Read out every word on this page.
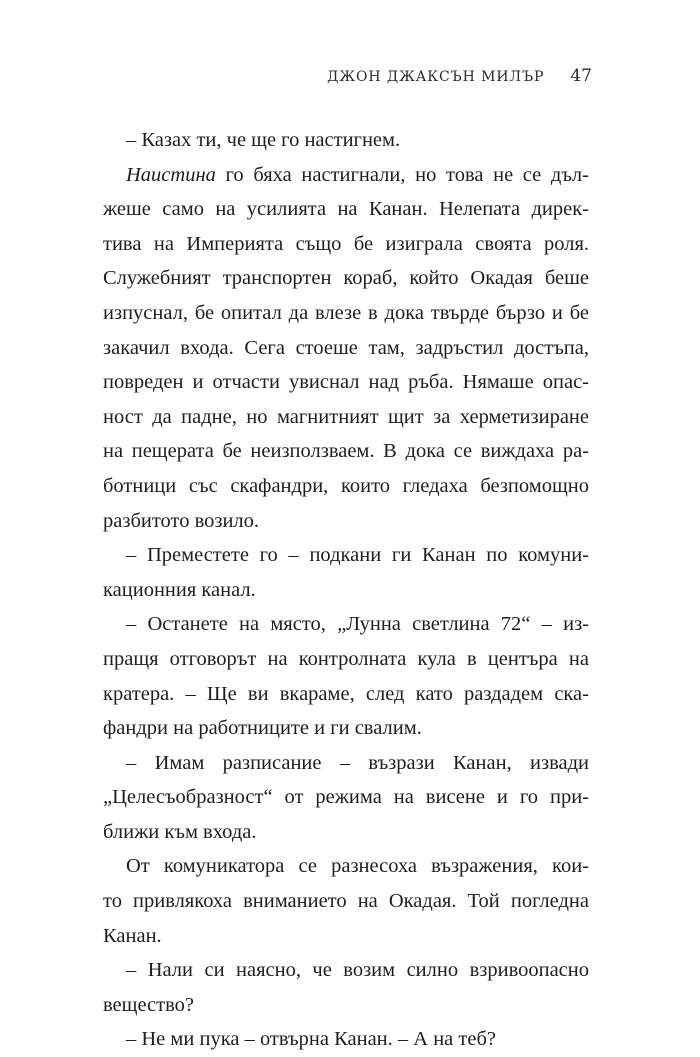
ДЖОН ДЖАКСЪН МИЛЪР 47
– Казах ти, че ще го настигнем.
Наистина го бяха настигнали, но това не се дъл-
жеше само на усилията на Канан. Нелепата дирек-
тива на Империята също бе изиграла своята роля.
Служебният транспортен кораб, който Окадая беше
изпуснал, бе опитал да влезе в дока твърде бързо и бе
закачил входа. Сега стоеше там, задръстил достъпа,
повреден и отчасти увиснал над ръба. Нямаше опас-
ност да падне, но магнитният щит за херметизиране
на пещерата бе неизползваем. В дока се виждаха ра-
ботници със скафандри, които гледаха безпомощно
разбитото возило.
– Преместете го – подкани ги Канан по комуни-
кационния канал.
– Останете на място, „Лунна светлина 72“ – из-
пращя отговорът на контролната кула в центъра на
кратера. – Ще ви вкараме, след като раздадем ска-
фандри на работниците и ги свалим.
– Имам разписание – възрази Канан, извади
„Целесъобразност“ от режима на висене и го при-
ближи към входа.
От комуникатора се разнесоха възражения, кои-
то привлякоха вниманието на Окадая. Той погледна
Канан.
– Нали си наясно, че возим силно взривоопасно
вещество?
– Не ми пука – отвърна Канан. – А на теб?
